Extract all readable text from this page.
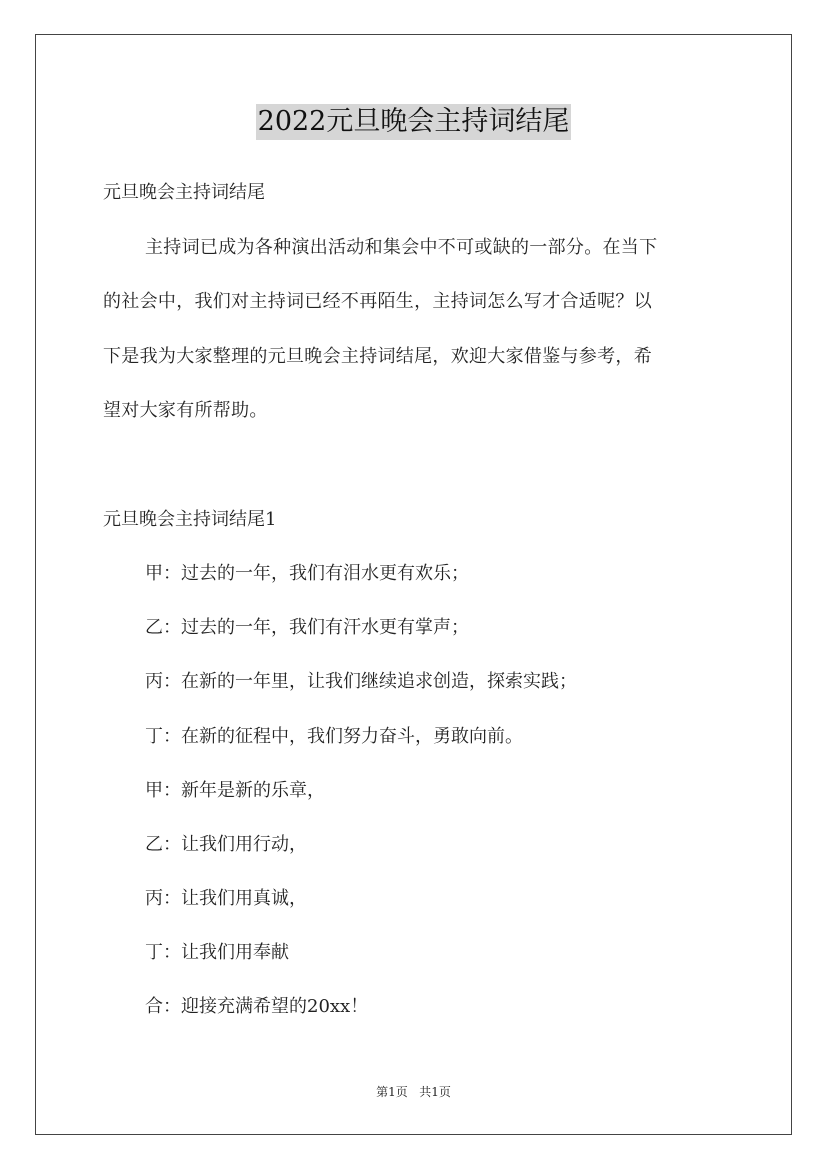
2022元旦晚会主持词结尾
元旦晚会主持词结尾
主持词已成为各种演出活动和集会中不可或缺的一部分。在当下
的社会中，我们对主持词已经不再陌生，主持词怎么写才合适呢？以
下是我为大家整理的元旦晚会主持词结尾，欢迎大家借鉴与参考，希
望对大家有所帮助。
元旦晚会主持词结尾1
甲：过去的一年，我们有泪水更有欢乐；
乙：过去的一年，我们有汗水更有掌声；
丙：在新的一年里，让我们继续追求创造，探索实践；
丁：在新的征程中，我们努力奋斗，勇敢向前。
甲：新年是新的乐章，
乙：让我们用行动，
丙：让我们用真诚，
丁：让我们用奉献
合：迎接充满希望的20xx！
第1页 共1页
